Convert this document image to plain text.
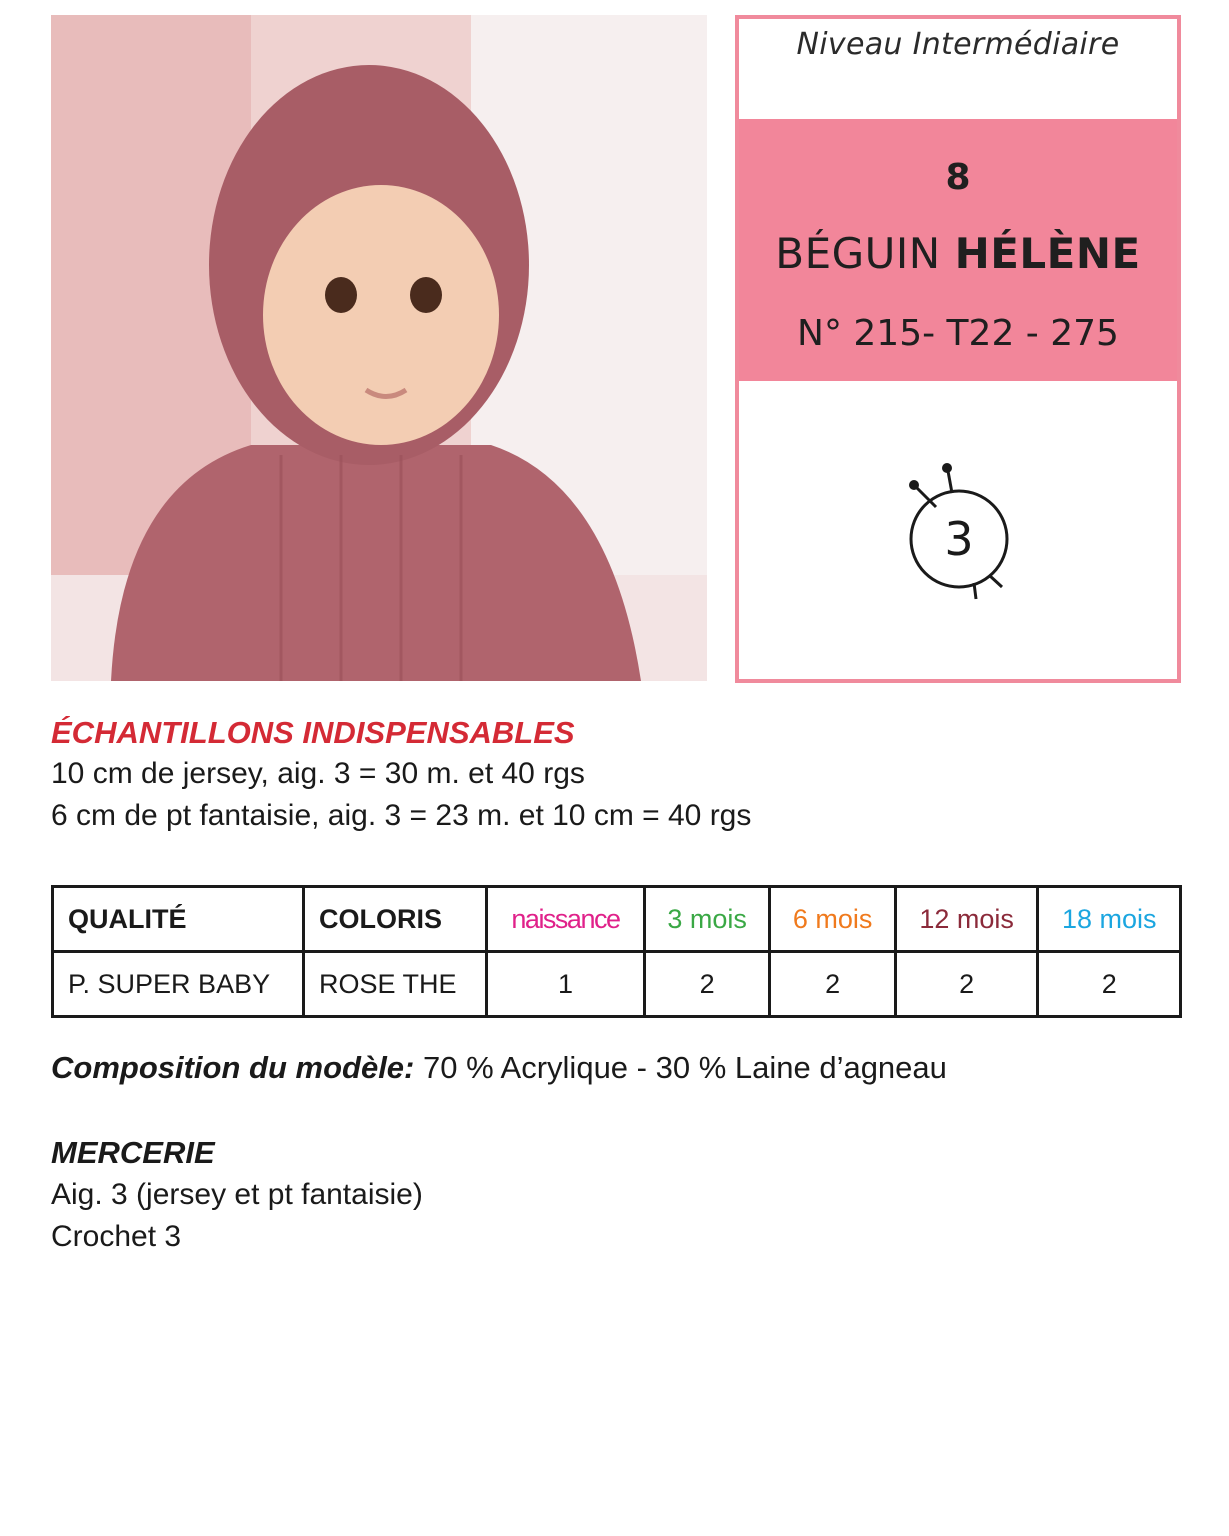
Niveau Intermédiaire
8
BÉGUIN HÉLÈNE
N° 215- T22 - 275
3
ÉCHANTILLONS INDISPENSABLES
10 cm de jersey, aig. 3 = 30 m. et 40 rgs
6 cm de pt fantaisie, aig. 3 = 23 m. et 10 cm = 40 rgs
QUALITÉ	COLORIS	naissance	3 mois	6 mois	12 mois	18 mois
P. SUPER BABY	ROSE THE	1	2	2	2	2
Composition du modèle: 70 % Acrylique - 30 % Laine d’agneau
MERCERIE
Aig. 3 (jersey et pt fantaisie)
Crochet 3
